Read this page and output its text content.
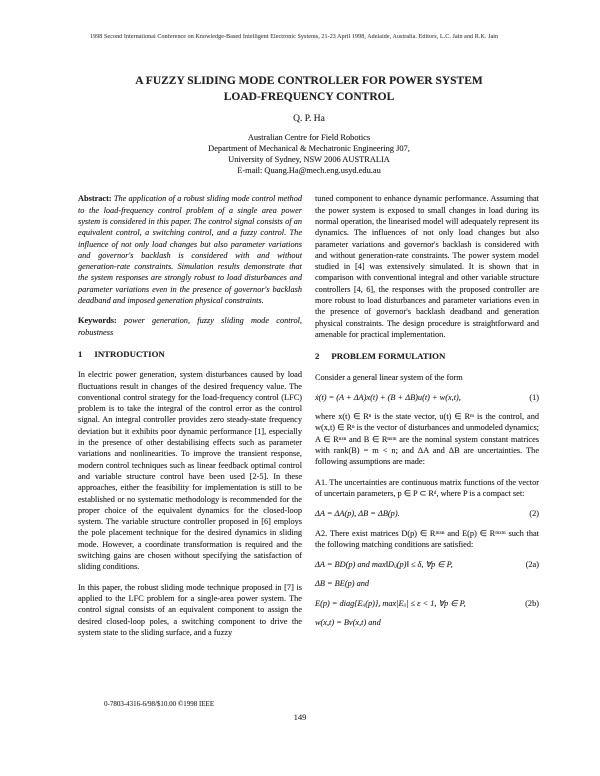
1998 Second International Conference on Knowledge-Based Intelligent Electronic Systems, 21-23 April 1998, Adelaide, Australia. Editors, L.C. Jain and R.K. Jain
A FUZZY SLIDING MODE CONTROLLER FOR POWER SYSTEM
LOAD-FREQUENCY CONTROL
Q. P. Ha
Australian Centre for Field Robotics
Department of Mechanical & Mechatronic Engineering J07,
University of Sydney, NSW 2006 AUSTRALIA
E-mail: Quang.Ha@mech.eng.usyd.edu.au

Abstract: The application of a robust sliding mode control method to the load-frequency control problem of a single area power system is considered in this paper. The control signal consists of an equivalent control, a switching control, and a fuzzy control. The influence of not only load changes but also parameter variations and governor's backlash is considered with and without generation-rate constraints. Simulation results demonstrate that the system responses are strongly robust to load disturbances and parameter variations even in the presence of governor's backlash deadband and imposed generation physical constraints.

Keywords: power generation, fuzzy sliding mode control, robustness

1 INTRODUCTION

In electric power generation, system disturbances caused by load fluctuations result in changes of the desired frequency value. The conventional control strategy for the load-frequency control (LFC) problem is to take the integral of the control error as the control signal. An integral controller provides zero steady-state frequency deviation but it exhibits poor dynamic performance [1], especially in the presence of other destabilising effects such as parameter variations and nonlinearities. To improve the transient response, modern control techniques such as linear feedback optimal control and variable structure control have been used [2-5]. In these approaches, either the feasibility for implementation is still to be established or no systematic methodology is recommended for the proper choice of the equivalent dynamics for the closed-loop system. The variable structure controller proposed in [6] employs the pole placement technique for the desired dynamics in sliding mode. However, a coordinate transformation is required and the switching gains are chosen without specifying the satisfaction of sliding conditions.

In this paper, the robust sliding mode technique proposed in [7] is applied to the LFC problem for a single-area power system. The control signal consists of an equivalent component to assign the desired closed-loop poles, a switching component to drive the system state to the sliding surface, and a fuzzy

tuned component to enhance dynamic performance. Assuming that the power system is exposed to small changes in load during its normal operation, the linearised model will adequately represent its dynamics. The influences of not only load changes but also parameter variations and governor's backlash is considered with and without generation-rate constraints. The power system model studied in [4] was extensively simulated. It is shown that in comparison with conventional integral and other variable structure controllers [4, 6], the responses with the proposed controller are more robust to load disturbances and parameter variations even in the presence of governor's backlash deadband and generation physical constraints. The design procedure is straightforward and amenable for practical implementation.

2 PROBLEM FORMULATION

Consider a general linear system of the form

ẋ(t) = (A + ΔA)x(t) + (B + ΔB)u(t) + w(x,t),	(1)

where x(t) ∈ Rⁿ is the state vector, u(t) ∈ Rᵐ is the control, and w(x,t) ∈ Rⁿ is the vector of disturbances and unmodeled dynamics; A ∈ Rⁿˣⁿ and B ∈ Rⁿˣᵐ are the nominal system constant matrices with rank(B) = m < n; and ΔA and ΔB are uncertainties. The following assumptions are made:

A1. The uncertainties are continuous matrix functions of the vector of uncertain parameters, p ∈ P ⊂ Rᵈ, where P is a compact set:

ΔA = ΔA(p), ΔB = ΔB(p).	(2)

A2. There exist matrices D(p) ∈ Rᵐˣⁿ and E(p) ∈ Rᵐˣᵐ such that the following matching conditions are satisfied:

ΔA = BD(p) and max‖Dᵢⱼ(p)‖ ≤ δ, ∀p ∈ P,	(2a)
ΔB = BE(p) and
E(p) = diag{Eᵢᵢ(p)}, max|Eᵢᵢ| ≤ ε < 1, ∀p ∈ P,	(2b)
w(x,t) = Bv(x,t) and
0-7803-4316-6/98/$10.00 ©1998 IEEE
149
